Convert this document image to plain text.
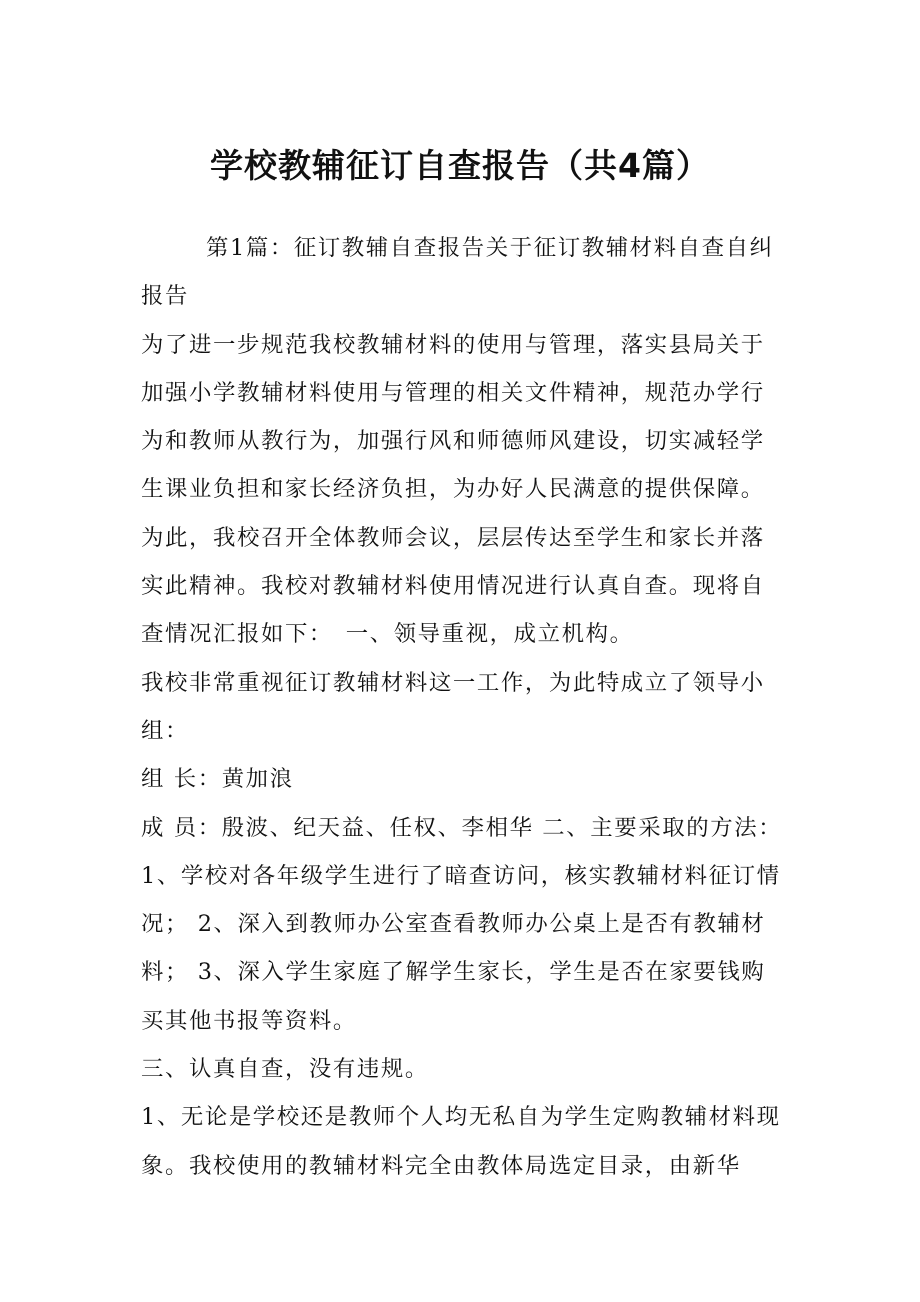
学校教辅征订自查报告（共4篇）

第1篇：征订教辅自查报告关于征订教辅材料自查自纠报告

为了进一步规范我校教辅材料的使用与管理，落实县局关于加强小学教辅材料使用与管理的相关文件精神，规范办学行为和教师从教行为，加强行风和师德师风建设，切实减轻学生课业负担和家长经济负担，为办好人民满意的提供保障。为此，我校召开全体教师会议，层层传达至学生和家长并落实此精神。我校对教辅材料使用情况进行认真自查。现将自查情况汇报如下：　一、领导重视，成立机构。

我校非常重视征订教辅材料这一工作，为此特成立了领导小组：

组 长：黄加浪

成 员：殷波、纪天益、任权、李相华 二、主要采取的方法：1、学校对各年级学生进行了暗查访问，核实教辅材料征订情况； 2、深入到教师办公室查看教师办公桌上是否有教辅材料； 3、深入学生家庭了解学生家长，学生是否在家要钱购买其他书报等资料。

三、认真自查，没有违规。

1、无论是学校还是教师个人均无私自为学生定购教辅材料现象。我校使用的教辅材料完全由教体局选定目录，由新华
